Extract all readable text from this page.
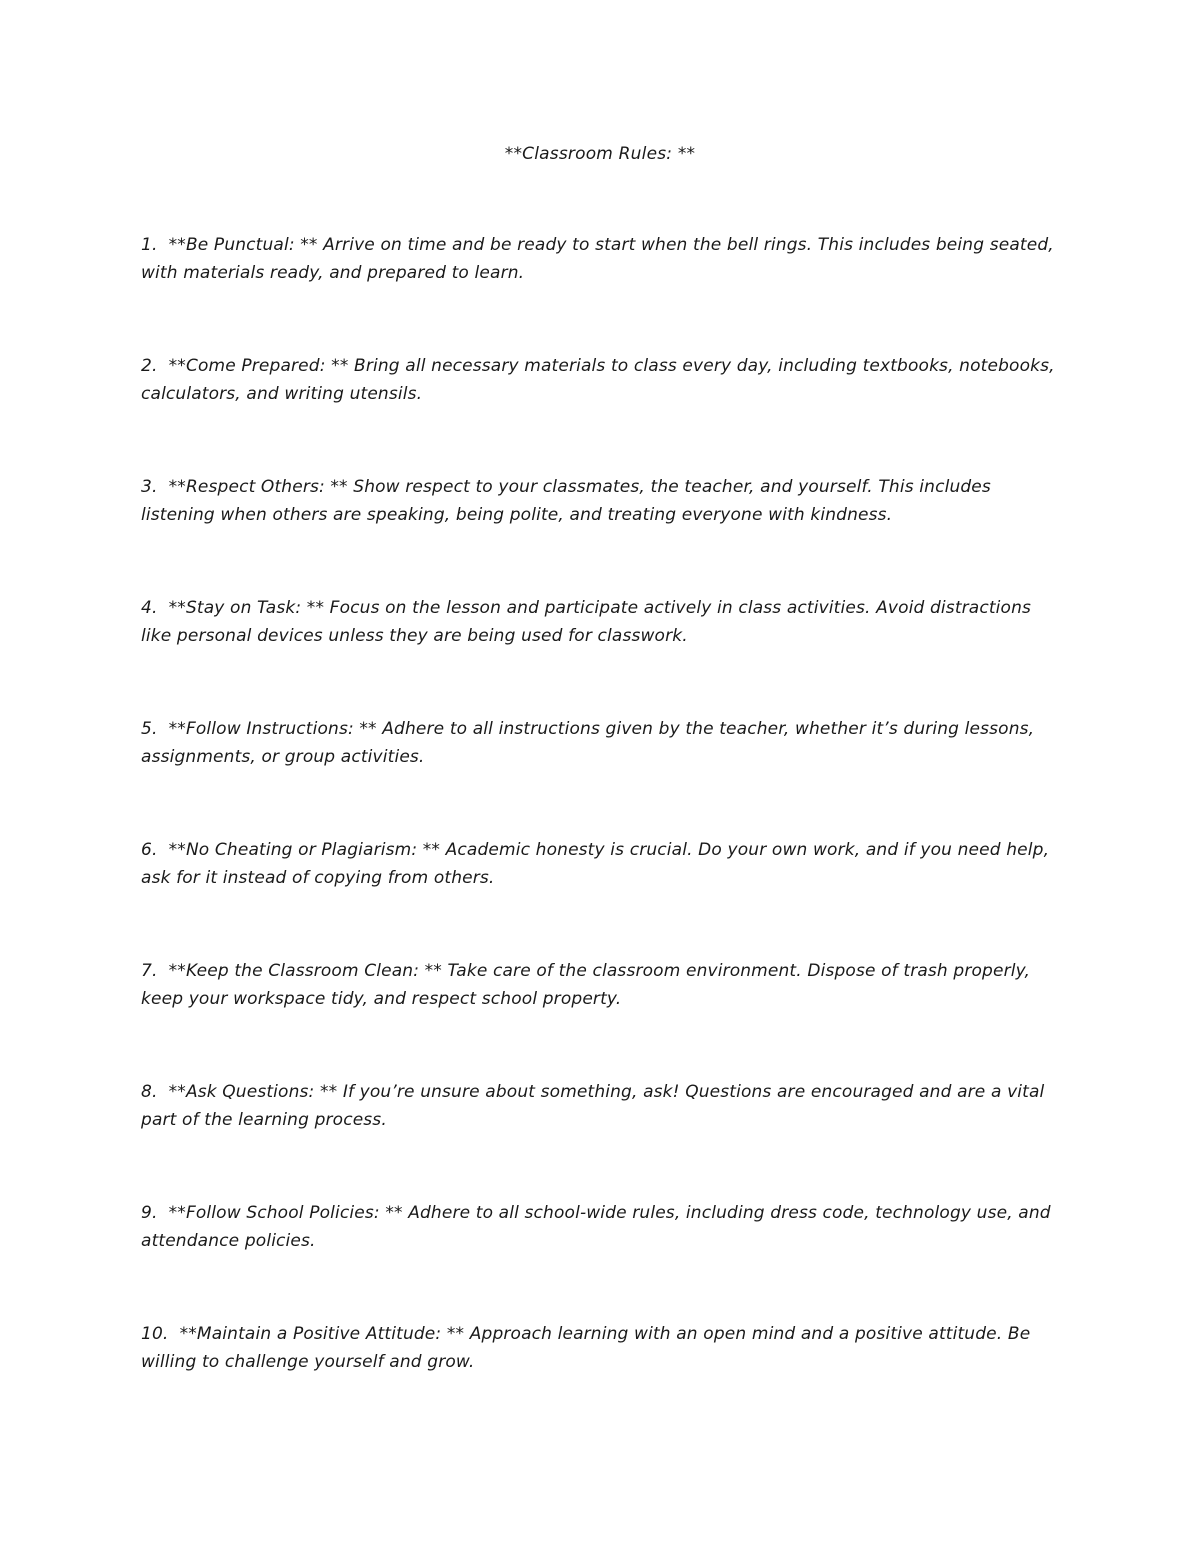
**Classroom Rules: **

1. **Be Punctual: ** Arrive on time and be ready to start when the bell rings. This includes being seated, with materials ready, and prepared to learn.

2. **Come Prepared: ** Bring all necessary materials to class every day, including textbooks, notebooks, calculators, and writing utensils.

3. **Respect Others: ** Show respect to your classmates, the teacher, and yourself. This includes listening when others are speaking, being polite, and treating everyone with kindness.

4. **Stay on Task: ** Focus on the lesson and participate actively in class activities. Avoid distractions like personal devices unless they are being used for classwork.

5. **Follow Instructions: ** Adhere to all instructions given by the teacher, whether it’s during lessons, assignments, or group activities.

6. **No Cheating or Plagiarism: ** Academic honesty is crucial. Do your own work, and if you need help, ask for it instead of copying from others.

7. **Keep the Classroom Clean: ** Take care of the classroom environment. Dispose of trash properly, keep your workspace tidy, and respect school property.

8. **Ask Questions: ** If you’re unsure about something, ask! Questions are encouraged and are a vital part of the learning process.

9. **Follow School Policies: ** Adhere to all school-wide rules, including dress code, technology use, and attendance policies.

10. **Maintain a Positive Attitude: ** Approach learning with an open mind and a positive attitude. Be willing to challenge yourself and grow.
